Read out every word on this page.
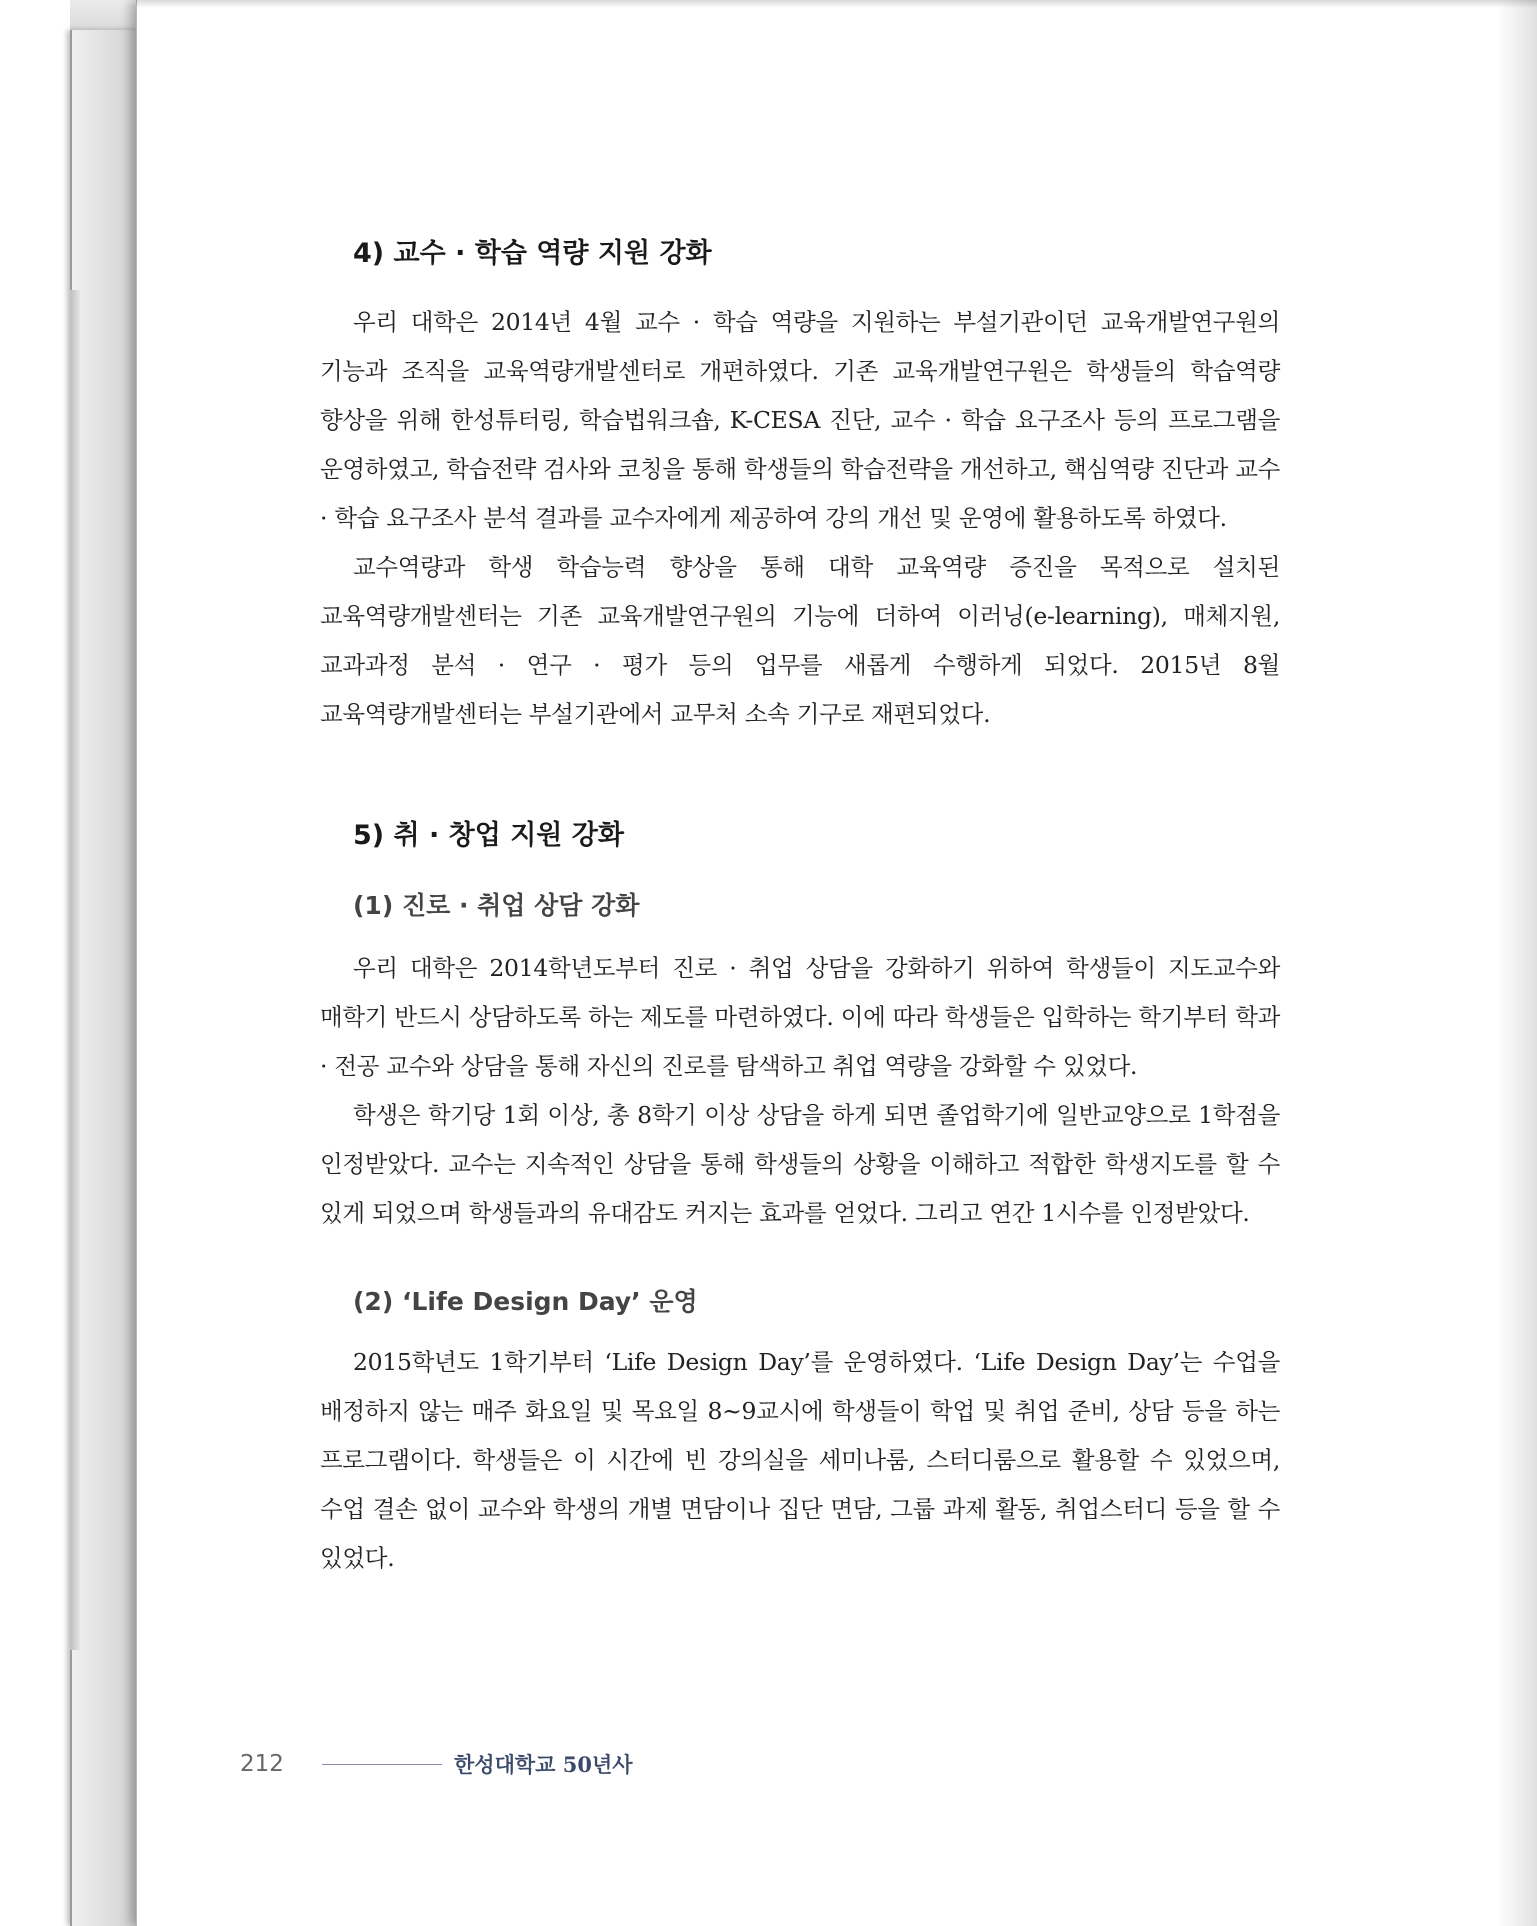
4) 교수 · 학습 역량 지원 강화

우리 대학은 2014년 4월 교수 · 학습 역량을 지원하는 부설기관이던 교육개발연구원의 기능과 조직을 교육역량개발센터로 개편하였다. 기존 교육개발연구원은 학생들의 학습역량 향상을 위해 한성튜터링, 학습법워크숍, K-CESA 진단, 교수 · 학습 요구조사 등의 프로그램을 운영하였고, 학습전략 검사와 코칭을 통해 학생들의 학습전략을 개선하고, 핵심역량 진단과 교수 · 학습 요구조사 분석 결과를 교수자에게 제공하여 강의 개선 및 운영에 활용하도록 하였다.

교수역량과 학생 학습능력 향상을 통해 대학 교육역량 증진을 목적으로 설치된 교육역량개발센터는 기존 교육개발연구원의 기능에 더하여 이러닝(e-learning), 매체지원, 교과과정 분석 · 연구 · 평가 등의 업무를 새롭게 수행하게 되었다. 2015년 8월 교육역량개발센터는 부설기관에서 교무처 소속 기구로 재편되었다.

5) 취 · 창업 지원 강화
(1) 진로 · 취업 상담 강화

우리 대학은 2014학년도부터 진로 · 취업 상담을 강화하기 위하여 학생들이 지도교수와 매학기 반드시 상담하도록 하는 제도를 마련하였다. 이에 따라 학생들은 입학하는 학기부터 학과 · 전공 교수와 상담을 통해 자신의 진로를 탐색하고 취업 역량을 강화할 수 있었다.

학생은 학기당 1회 이상, 총 8학기 이상 상담을 하게 되면 졸업학기에 일반교양으로 1학점을 인정받았다. 교수는 지속적인 상담을 통해 학생들의 상황을 이해하고 적합한 학생지도를 할 수 있게 되었으며 학생들과의 유대감도 커지는 효과를 얻었다. 그리고 연간 1시수를 인정받았다.

(2) ‘Life Design Day’ 운영

2015학년도 1학기부터 ‘Life Design Day’를 운영하였다. ‘Life Design Day’는 수업을 배정하지 않는 매주 화요일 및 목요일 8~9교시에 학생들이 학업 및 취업 준비, 상담 등을 하는 프로그램이다. 학생들은 이 시간에 빈 강의실을 세미나룸, 스터디룸으로 활용할 수 있었으며, 수업 결손 없이 교수와 학생의 개별 면담이나 집단 면담, 그룹 과제 활동, 취업스터디 등을 할 수 있었다.

212	한성대학교 50년사
